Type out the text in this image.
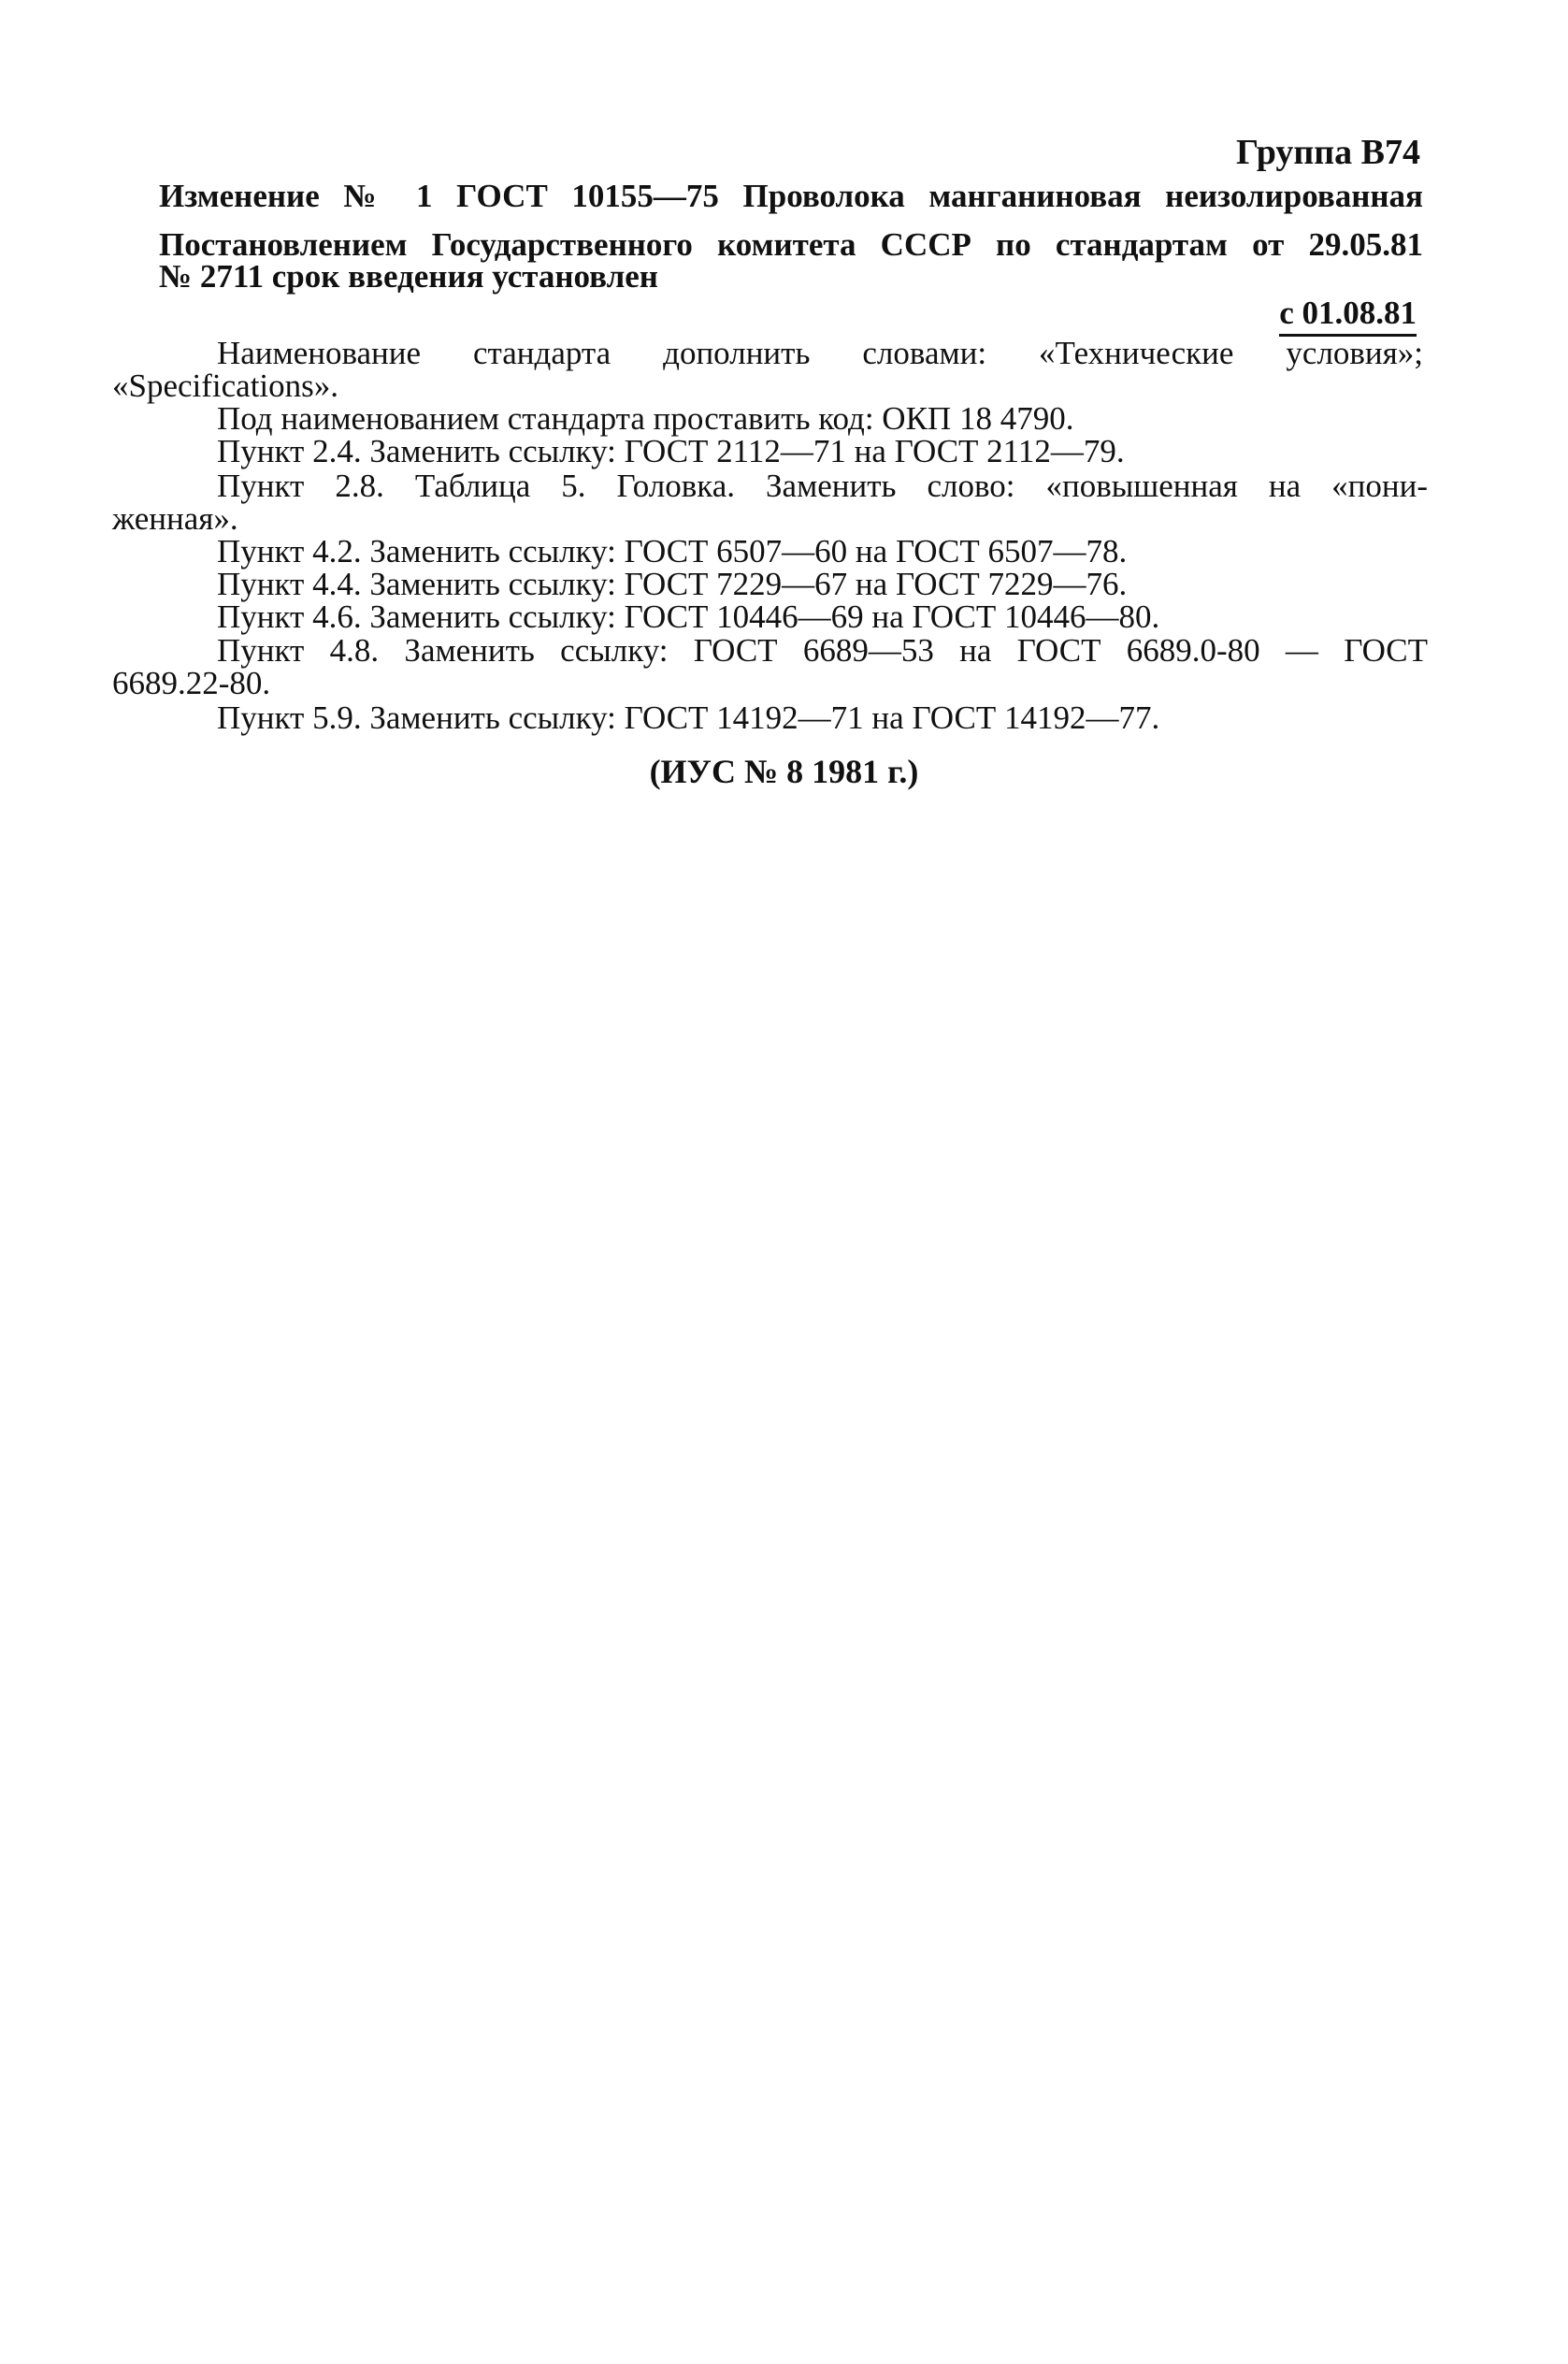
Группа В74

Изменение № 1 ГОСТ 10155—75 Проволока манганиновая неизолированная

Постановлением Государственного комитета СССР по стандартам от 29.05.81

№ 2711 срок введения установлен

с 01.08.81

Наименование стандарта дополнить словами: «Технические условия»;

«Specifications».

Под наименованием стандарта проставить код: ОКП 18 4790.

Пункт 2.4. Заменить ссылку: ГОСТ 2112—71 на ГОСТ 2112—79.

Пункт 2.8. Таблица 5. Головка. Заменить слово: «повышенная на «пони-

женная».

Пункт 4.2. Заменить ссылку: ГОСТ 6507—60 на ГОСТ 6507—78.

Пункт 4.4. Заменить ссылку: ГОСТ 7229—67 на ГОСТ 7229—76.

Пункт 4.6. Заменить ссылку: ГОСТ 10446—69 на ГОСТ 10446—80.

Пункт 4.8. Заменить ссылку: ГОСТ 6689—53 на ГОСТ 6689.0-80 — ГОСТ

6689.22-80.

Пункт 5.9. Заменить ссылку: ГОСТ 14192—71 на ГОСТ 14192—77.

(ИУС № 8 1981 г.)
